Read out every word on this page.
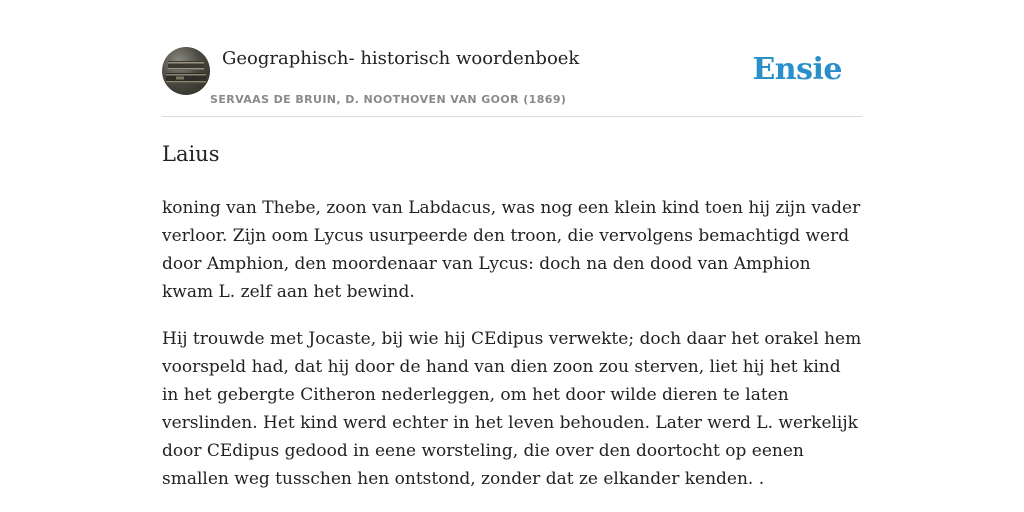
Geographisch- historisch woordenboek
SERVAAS DE BRUIN, D. NOOTHOVEN VAN GOOR (1869)
Ensie
Laius

koning van Thebe, zoon van Labdacus, was nog een klein kind toen hij zijn vader verloor. Zijn oom Lycus usurpeerde den troon, die vervolgens bemachtigd werd door Amphion, den moordenaar van Lycus: doch na den dood van Amphion kwam L. zelf aan het bewind.

Hij trouwde met Jocaste, bij wie hij CEdipus verwekte; doch daar het orakel hem voorspeld had, dat hij door de hand van dien zoon zou sterven, liet hij het kind in het gebergte Citheron nederleggen, om het door wilde dieren te laten verslinden. Het kind werd echter in het leven behouden. Later werd L. werkelijk door CEdipus gedood in eene worsteling, die over den doortocht op eenen smallen weg tusschen hen ontstond, zonder dat ze elkander kenden. .
